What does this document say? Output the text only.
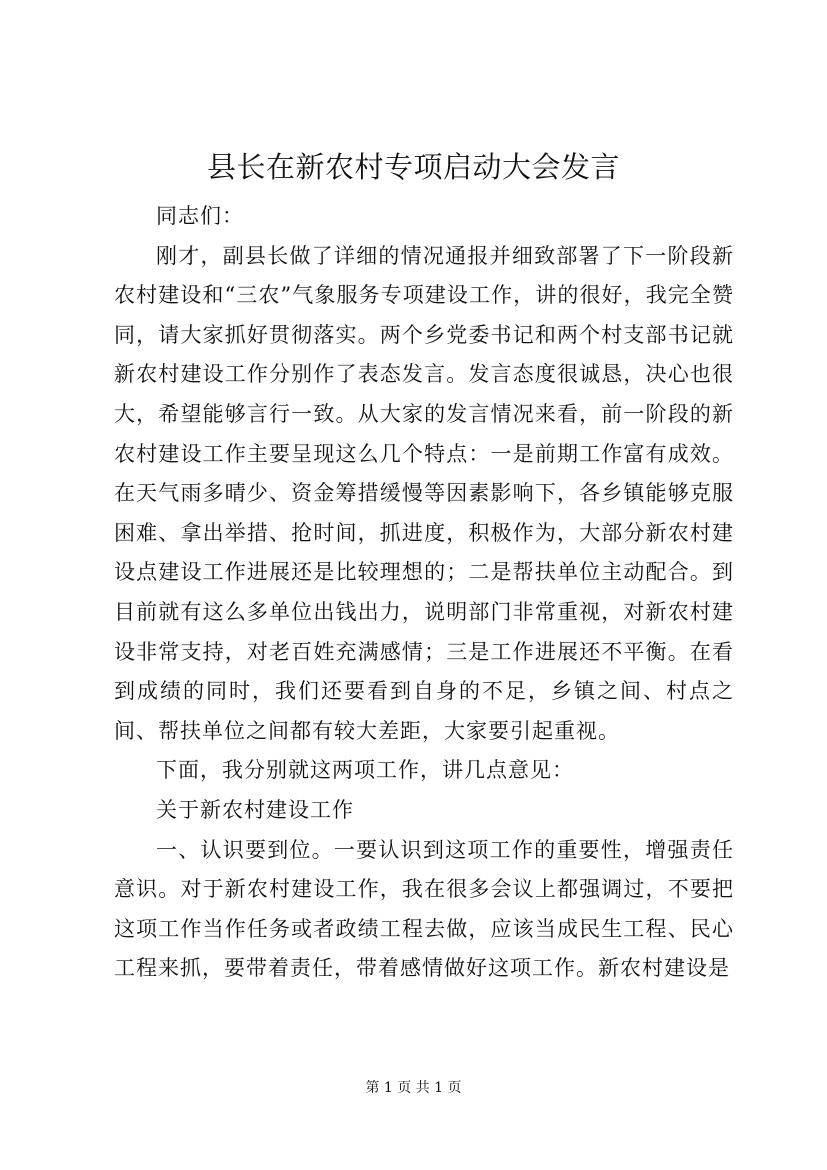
县长在新农村专项启动大会发言

同志们：

刚才，副县长做了详细的情况通报并细致部署了下一阶段新农村建设和“三农”气象服务专项建设工作，讲的很好，我完全赞同，请大家抓好贯彻落实。两个乡党委书记和两个村支部书记就新农村建设工作分别作了表态发言。发言态度很诚恳，决心也很大，希望能够言行一致。从大家的发言情况来看，前一阶段的新农村建设工作主要呈现这么几个特点：一是前期工作富有成效。在天气雨多晴少、资金筹措缓慢等因素影响下，各乡镇能够克服困难、拿出举措、抢时间，抓进度，积极作为，大部分新农村建设点建设工作进展还是比较理想的；二是帮扶单位主动配合。到目前就有这么多单位出钱出力，说明部门非常重视，对新农村建设非常支持，对老百姓充满感情；三是工作进展还不平衡。在看到成绩的同时，我们还要看到自身的不足，乡镇之间、村点之间、帮扶单位之间都有较大差距，大家要引起重视。

下面，我分别就这两项工作，讲几点意见：

关于新农村建设工作

一、认识要到位。一要认识到这项工作的重要性，增强责任意识。对于新农村建设工作，我在很多会议上都强调过，不要把这项工作当作任务或者政绩工程去做，应该当成民生工程、民心工程来抓，要带着责任，带着感情做好这项工作。新农村建设是

第 1 页 共 1 页
